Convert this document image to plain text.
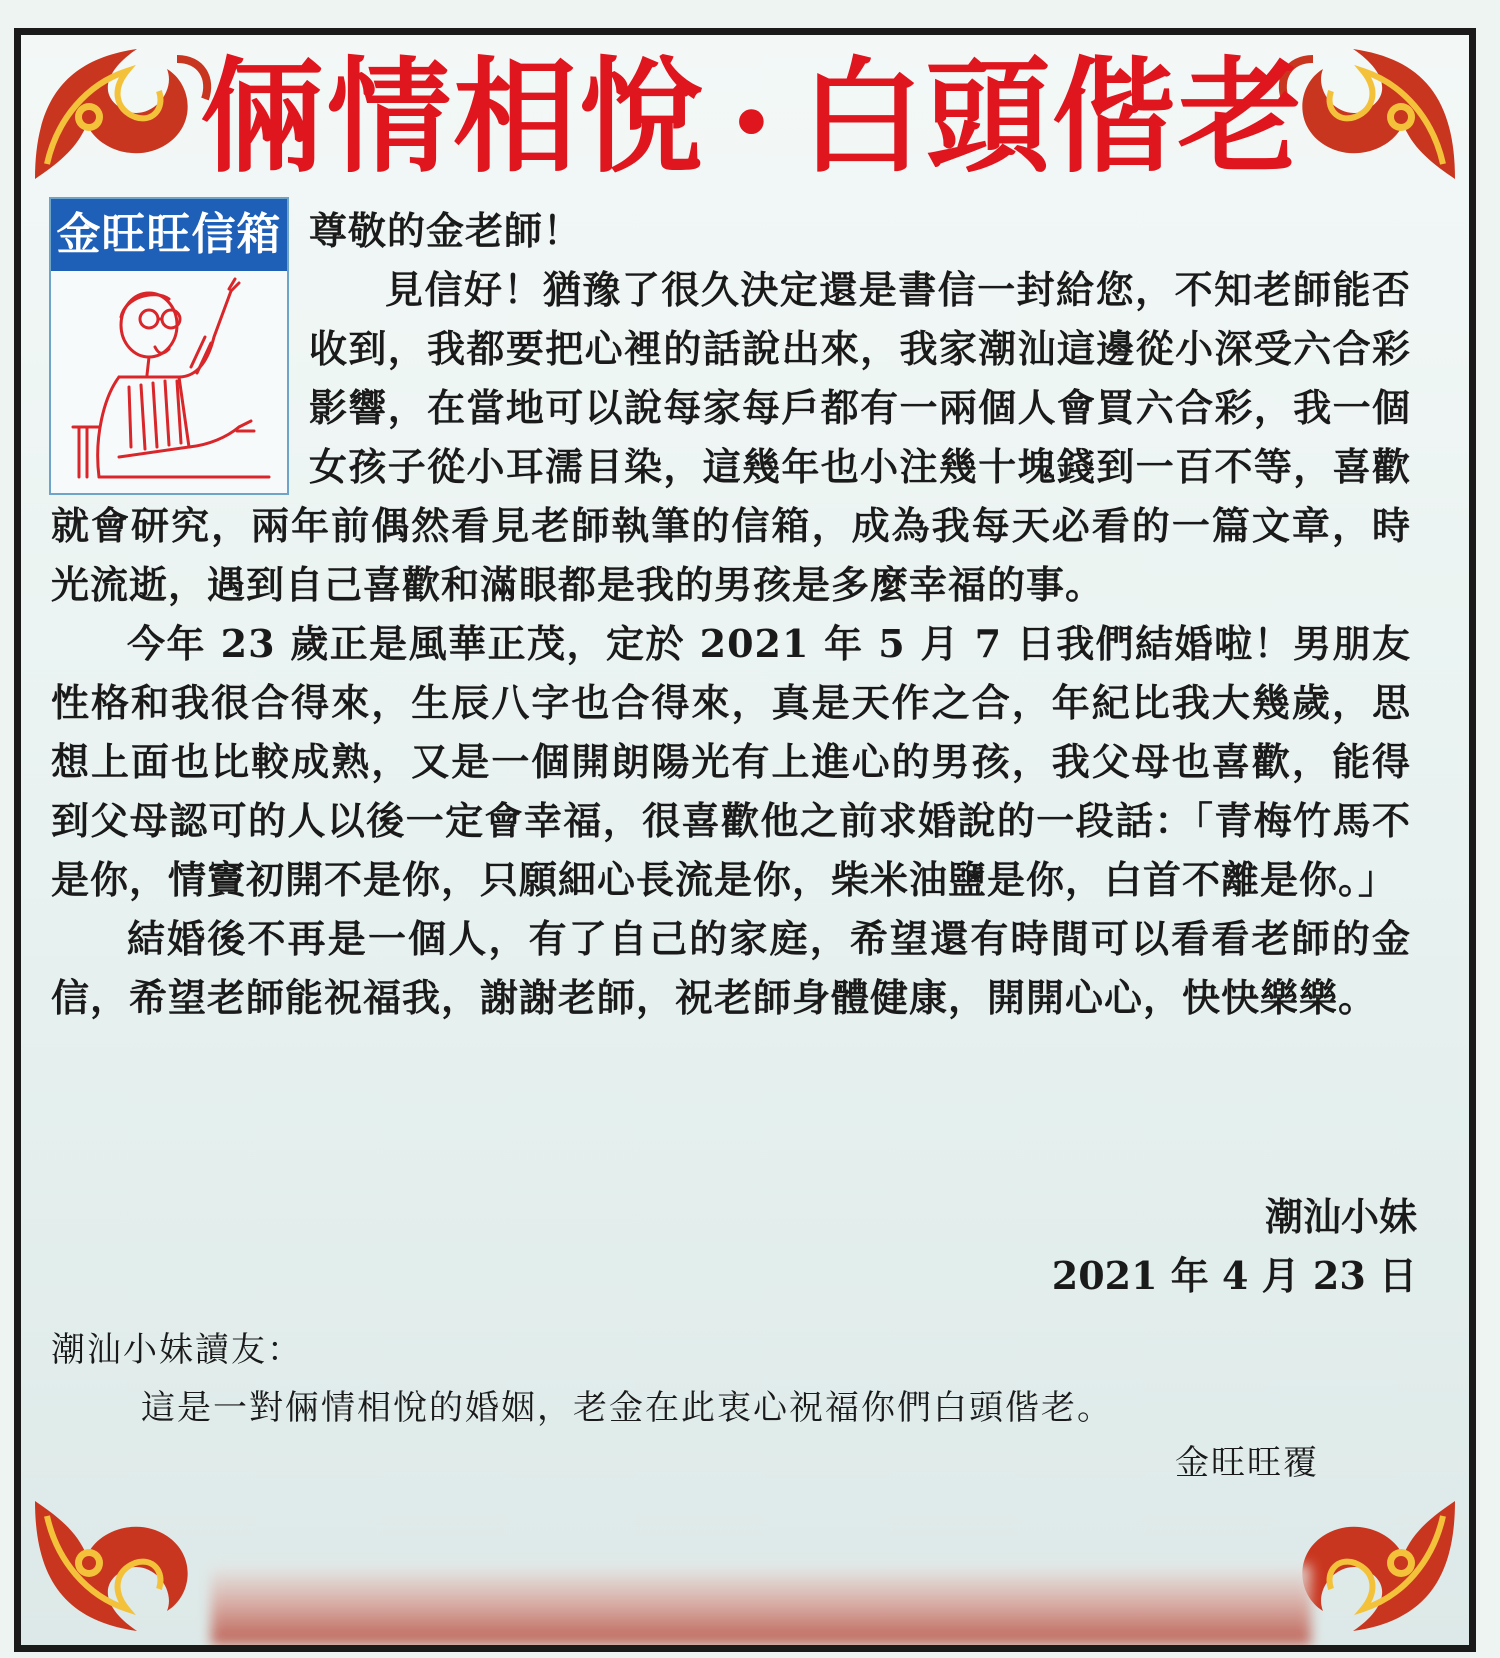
倆情相悅 • 白頭偕老
金旺旺信箱 尊敬的金老師！

見信好！猶豫了很久決定還是書信一封給您，不知老師能否收到，我都要把心裡的話說出來，我家潮汕這邊從小深受六合彩影響，在當地可以說每家每戶都有一兩個人會買六合彩，我一個女孩子從小耳濡目染，這幾年也小注幾十塊錢到一百不等，喜歡就會研究，兩年前偶然看見老師執筆的信箱，成為我每天必看的一篇文章，時光流逝，遇到自己喜歡和滿眼都是我的男孩是多麼幸福的事。

今年 23 歲正是風華正茂，定於 2021 年 5 月 7 日我們結婚啦！男朋友性格和我很合得來，生辰八字也合得來，真是天作之合，年紀比我大幾歲，思想上面也比較成熟，又是一個開朗陽光有上進心的男孩，我父母也喜歡，能得到父母認可的人以後一定會幸福，很喜歡他之前求婚說的一段話：「青梅竹馬不是你，情竇初開不是你，只願細心長流是你，柴米油鹽是你，白首不離是你。」

結婚後不再是一個人，有了自己的家庭，希望還有時間可以看看老師的金信，希望老師能祝福我，謝謝老師，祝老師身體健康，開開心心，快快樂樂。

潮汕小妹
2021 年 4 月 23 日

潮汕小妹讀友：

這是一對倆情相悅的婚姻，老金在此衷心祝福你們白頭偕老。

金旺旺覆
